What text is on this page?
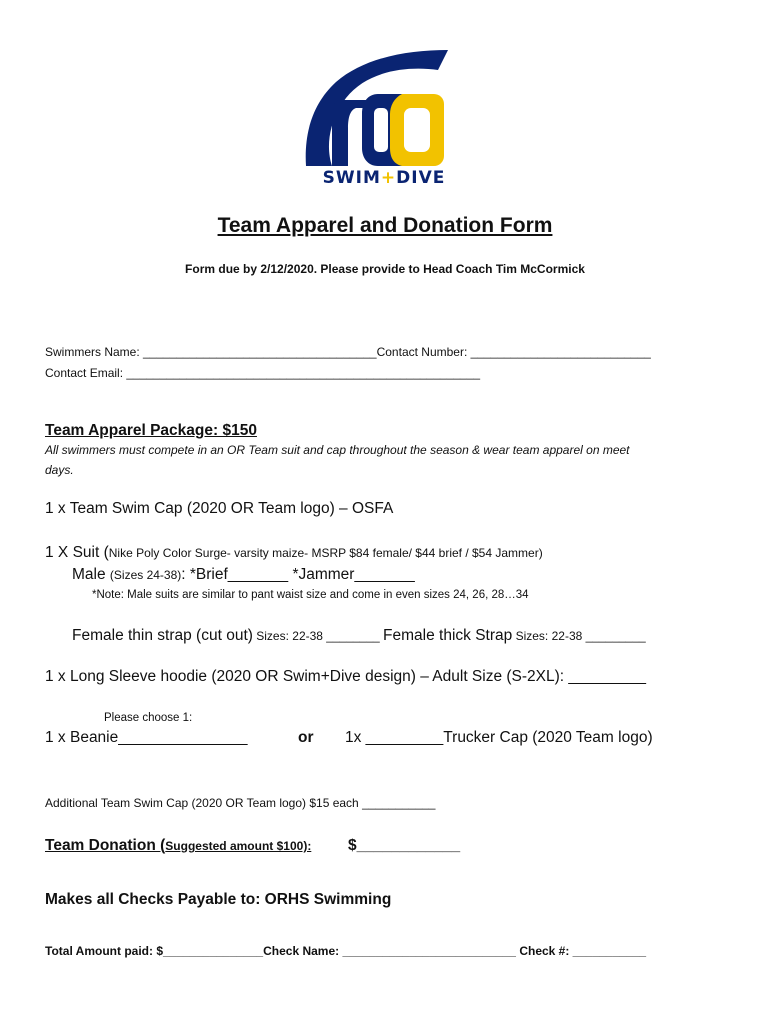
SWIM+DIVE
Team Apparel and Donation Form
Form due by 2/12/2020. Please provide to Head Coach Tim McCormick
Swimmers Name: ___________________________________Contact Number: ___________________________
Contact Email: _____________________________________________________
Team Apparel Package: $150
All swimmers must compete in an OR Team suit and cap throughout the season & wear team apparel on meet
days.
1 x Team Swim Cap (2020 OR Team logo) – OSFA
1 X Suit (Nike Poly Color Surge- varsity maize- MSRP $84 female/ $44 brief / $54 Jammer)
Male (Sizes 24-38): *Brief_______ *Jammer_______
*Note: Male suits are similar to pant waist size and come in even sizes 24, 26, 28…34
Female thin strap (cut out) Sizes: 22-38 ________ Female thick Strap Sizes: 22-38 _________
1 x Long Sleeve hoodie (2020 OR Swim+Dive design) – Adult Size (S-2XL): _________
Please choose 1:
1 x Beanie_______________	or 1x _________Trucker Cap (2020 Team logo)
Additional Team Swim Cap (2020 OR Team logo) $15 each ___________
Team Donation (Suggested amount $100): $____________
Makes all Checks Payable to: ORHS Swimming
Total Amount paid: $_______________Check Name: __________________________ Check #: ___________
